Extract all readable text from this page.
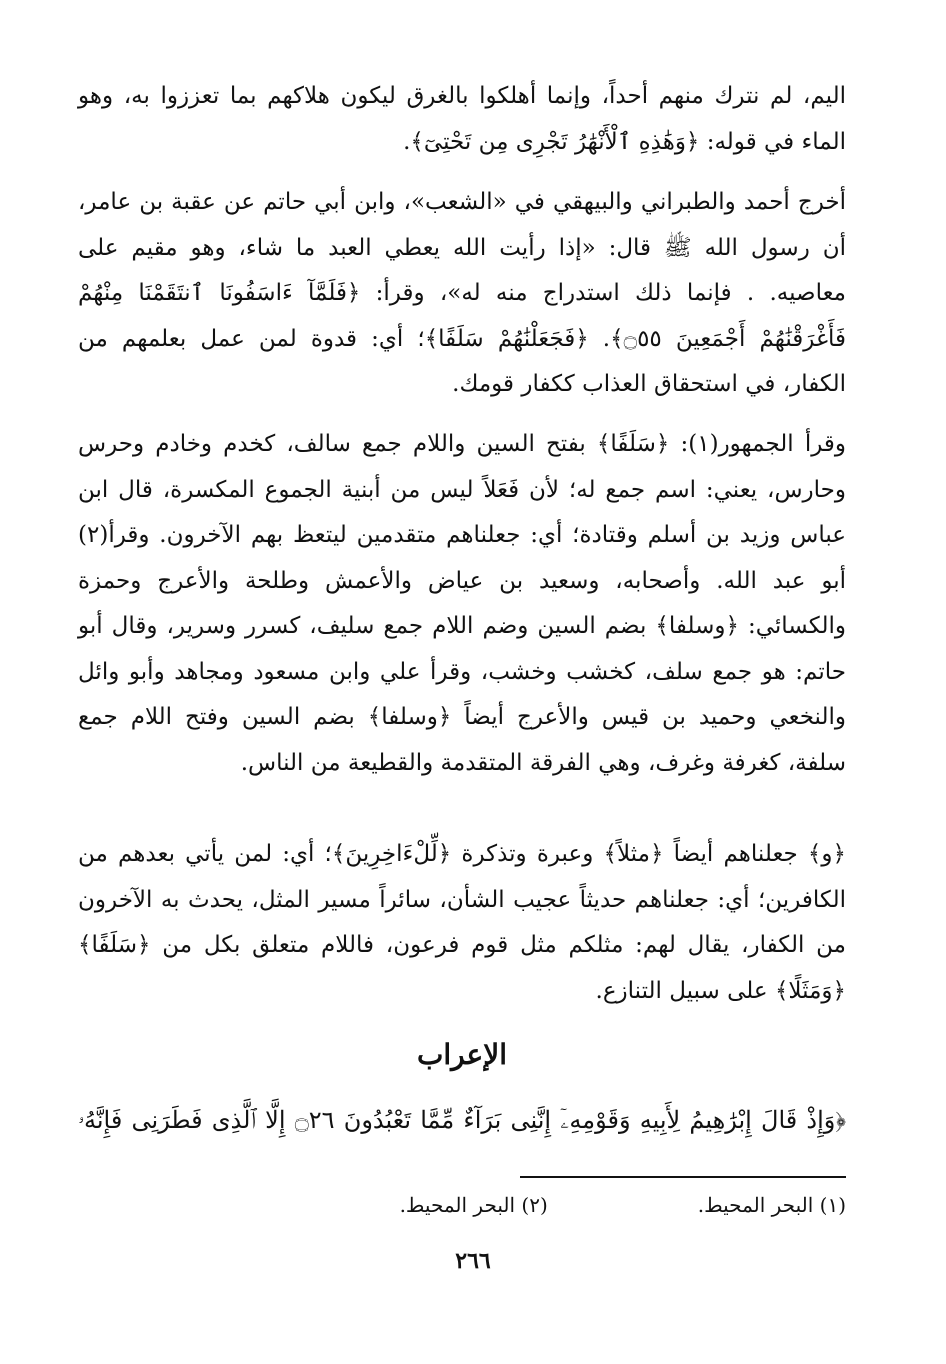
اليم، لم نترك منهم أحداً، وإنما أهلكوا بالغرق ليكون هلاكهم بما تعززوا به، وهو الماء في قوله: ﴿وَهَٰذِهِ ٱلْأَنْهَٰرُ تَجْرِى مِن تَحْتِىٓ﴾.

أخرج أحمد والطبراني والبيهقي في «الشعب»، وابن أبي حاتم عن عقبة بن عامر، أن رسول الله ﷺ قال: «إذا رأيت الله يعطي العبد ما شاء، وهو مقيم على معاصيه. . فإنما ذلك استدراج منه له»، وقرأ: ﴿فَلَمَّآ ءَاسَفُونَا ٱنتَقَمْنَا مِنْهُمْ فَأَغْرَقْنَٰهُمْ أَجْمَعِينَ ۝٥٥﴾. ﴿فَجَعَلْنَٰهُمْ سَلَفًا﴾؛ أي: قدوة لمن عمل بعلمهم من الكفار، في استحقاق العذاب ككفار قومك.

وقرأ الجمهور(١): ﴿سَلَفًا﴾ بفتح السين واللام جمع سالف، كخدم وخادم وحرس وحارس، يعني: اسم جمع له؛ لأن فَعَلاً ليس من أبنية الجموع المكسرة، قال ابن عباس وزيد بن أسلم وقتادة؛ أي: جعلناهم متقدمين ليتعظ بهم الآخرون. وقرأ(٢) أبو عبد الله. وأصحابه، وسعيد بن عياض والأعمش وطلحة والأعرج وحمزة والكسائي: ﴿وسلفا﴾ بضم السين وضم اللام جمع سليف، كسرر وسرير، وقال أبو حاتم: هو جمع سلف، كخشب وخشب، وقرأ علي وابن مسعود ومجاهد وأبو وائل والنخعي وحميد بن قيس والأعرج أيضاً ﴿وسلفا﴾ بضم السين وفتح اللام جمع سلفة، كغرفة وغرف، وهي الفرقة المتقدمة والقطيعة من الناس.

﴿و﴾ جعلناهم أيضاً ﴿مثلاً﴾ وعبرة وتذكرة ﴿لِّلْءَاخِرِينَ﴾؛ أي: لمن يأتي بعدهم من الكافرين؛ أي: جعلناهم حديثاً عجيب الشأن، سائراً مسير المثل، يحدث به الآخرون من الكفار، يقال لهم: مثلكم مثل قوم فرعون، فاللام متعلق بكل من ﴿سَلَفًا﴾ ﴿وَمَثَلًا﴾ على سبيل التنازع.

الإعراب

﴿وَإِذْ قَالَ إِبْرَٰهِيمُ لِأَبِيهِ وَقَوْمِهِۦٓ إِنَّنِى بَرَآءٌ مِّمَّا تَعْبُدُونَ ۝٢٦ إِلَّا ٱلَّذِى فَطَرَنِى فَإِنَّهُۥ

(١) البحر المحيط.
(٢) البحر المحيط.
٢٦٦
